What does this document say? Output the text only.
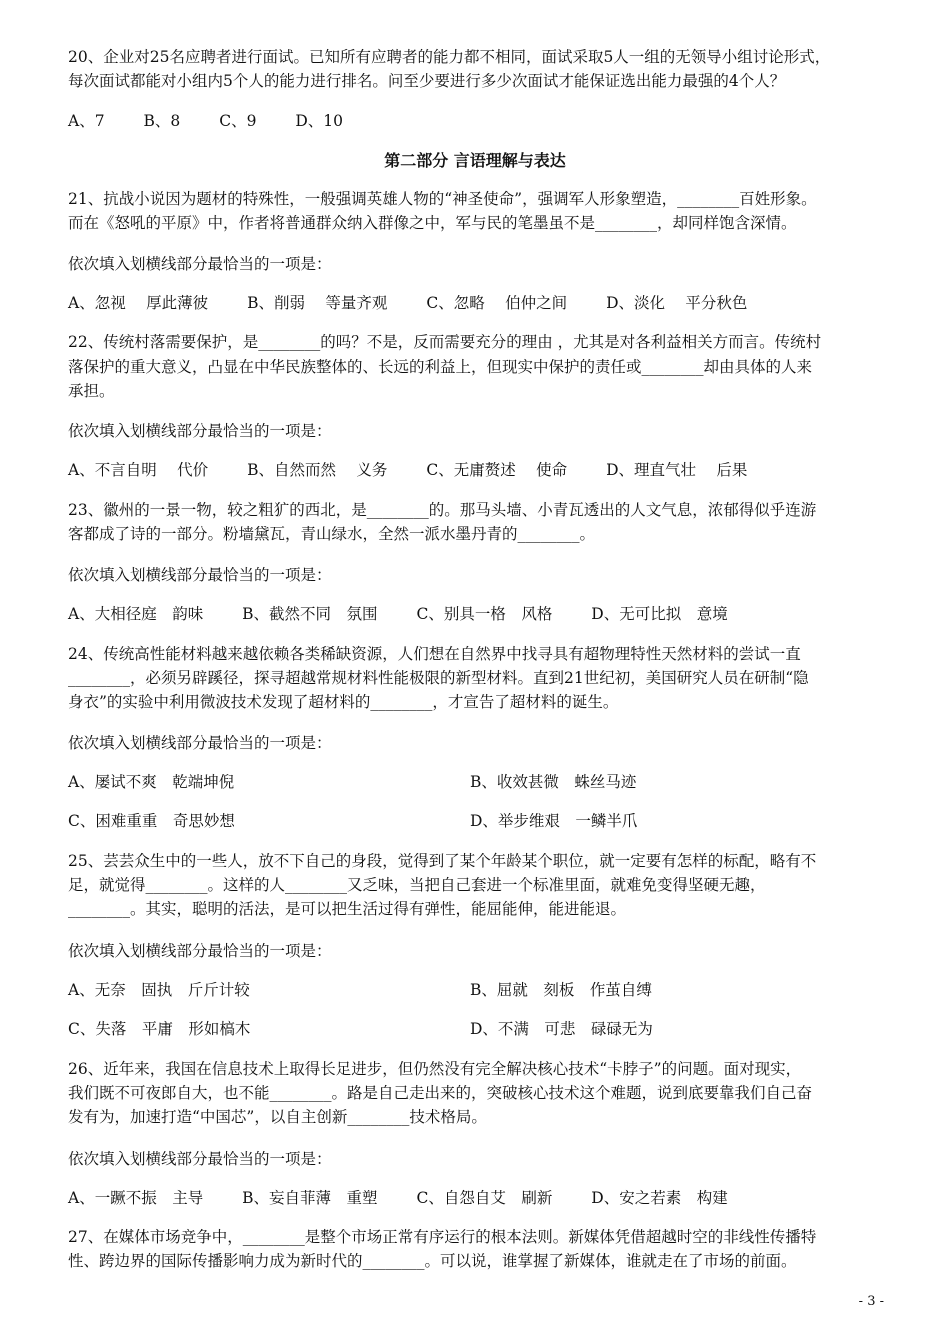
20、企业对25名应聘者进行面试。已知所有应聘者的能力都不相同，面试采取5人一组的无领导小组讨论形式，
每次面试都能对小组内5个人的能力进行排名。问至少要进行多少次面试才能保证选出能力最强的4个人？
A、7	B、8	C、9	D、10
第二部分 言语理解与表达
21、抗战小说因为题材的特殊性，一般强调英雄人物的“神圣使命”，强调军人形象塑造，________百姓形象。
而在《怒吼的平原》中，作者将普通群众纳入群像之中，军与民的笔墨虽不是________，却同样饱含深情。
依次填入划横线部分最恰当的一项是：
A、忽视　 厚此薄彼	B、削弱　 等量齐观	C、忽略　 伯仲之间	D、淡化　 平分秋色
22、传统村落需要保护，是________的吗？不是，反而需要充分的理由 ，尤其是对各利益相关方而言。传统村
落保护的重大意义，凸显在中华民族整体的、长远的利益上，但现实中保护的责任或________却由具体的人来
承担。
依次填入划横线部分最恰当的一项是：
A、不言自明　 代价	B、自然而然　 义务	C、无庸赘述　 使命	D、理直气壮　 后果
23、徽州的一景一物，较之粗犷的西北，是________的。那马头墙、小青瓦透出的人文气息，浓郁得似乎连游
客都成了诗的一部分。粉墙黛瓦，青山绿水，全然一派水墨丹青的________。
依次填入划横线部分最恰当的一项是：
A、大相径庭　韵味	B、截然不同　氛围	C、别具一格　风格	D、无可比拟　意境
24、传统高性能材料越来越依赖各类稀缺资源，人们想在自然界中找寻具有超物理特性天然材料的尝试一直
________，必须另辟蹊径，探寻超越常规材料性能极限的新型材料。直到21世纪初，美国研究人员在研制“隐
身衣”的实验中利用微波技术发现了超材料的________，才宣告了超材料的诞生。
依次填入划横线部分最恰当的一项是：
A、屡试不爽　乾端坤倪	B、收效甚微　蛛丝马迹
C、困难重重　奇思妙想	D、举步维艰　一鳞半爪
25、芸芸众生中的一些人，放不下自己的身段，觉得到了某个年龄某个职位，就一定要有怎样的标配，略有不
足，就觉得________。这样的人________又乏味，当把自己套进一个标准里面，就难免变得坚硬无趣，
________。其实，聪明的活法，是可以把生活过得有弹性，能屈能伸，能进能退。
依次填入划横线部分最恰当的一项是：
A、无奈　固执　斤斤计较	B、屈就　刻板　作茧自缚
C、失落　平庸　形如槁木	D、不满　可悲　碌碌无为
26、近年来，我国在信息技术上取得长足进步，但仍然没有完全解决核心技术“卡脖子”的问题。面对现实，
我们既不可夜郎自大，也不能________。路是自己走出来的，突破核心技术这个难题，说到底要靠我们自己奋
发有为，加速打造“中国芯”，以自主创新________技术格局。
依次填入划横线部分最恰当的一项是：
A、一蹶不振　主导	B、妄自菲薄　重塑	C、自怨自艾　刷新	D、安之若素　构建
27、在媒体市场竞争中，________是整个市场正常有序运行的根本法则。新媒体凭借超越时空的非线性传播特
性、跨边界的国际传播影响力成为新时代的________。可以说，谁掌握了新媒体，谁就走在了市场的前面。
- 3 -
